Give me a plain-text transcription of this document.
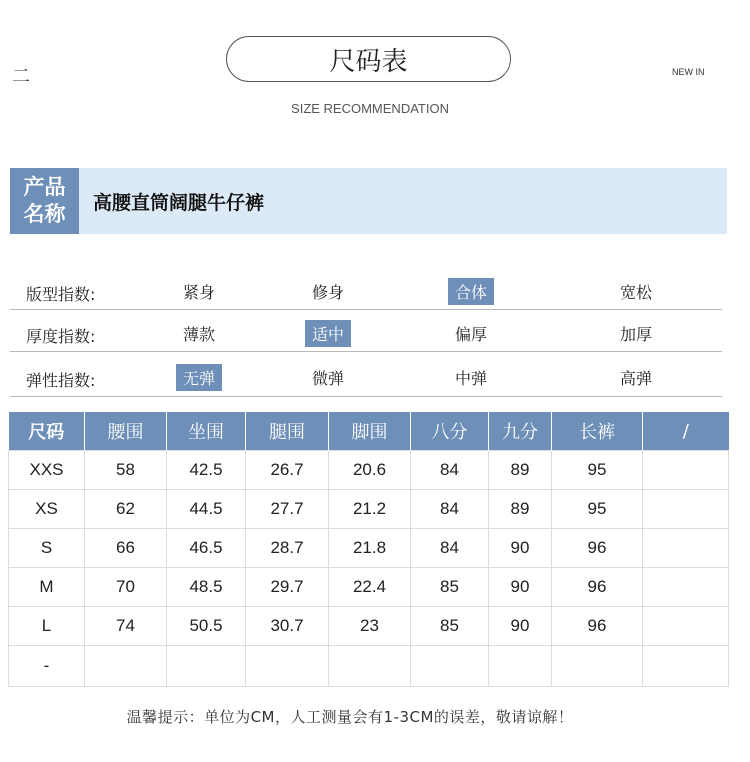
二	尺码表	NEW IN
SIZE RECOMMENDATION
产品
名称 高腰直筒阔腿牛仔裤
版型指数:	紧身	修身	合体	宽松
厚度指数:	薄款	适中	偏厚	加厚
弹性指数:	无弹	微弹	中弹	高弹
尺码	腰围	坐围	腿围	脚围	八分	九分	长裤	/
XXS	58	42.5	26.7	20.6	84	89	95	
XS	62	44.5	27.7	21.2	84	89	95	
S	66	46.5	28.7	21.8	84	90	96	
M	70	48.5	29.7	22.4	85	90	96	
L	74	50.5	30.7	23	85	90	96	
-								
温馨提示：单位为CM，人工测量会有1-3CM的误差，敬请谅解！
